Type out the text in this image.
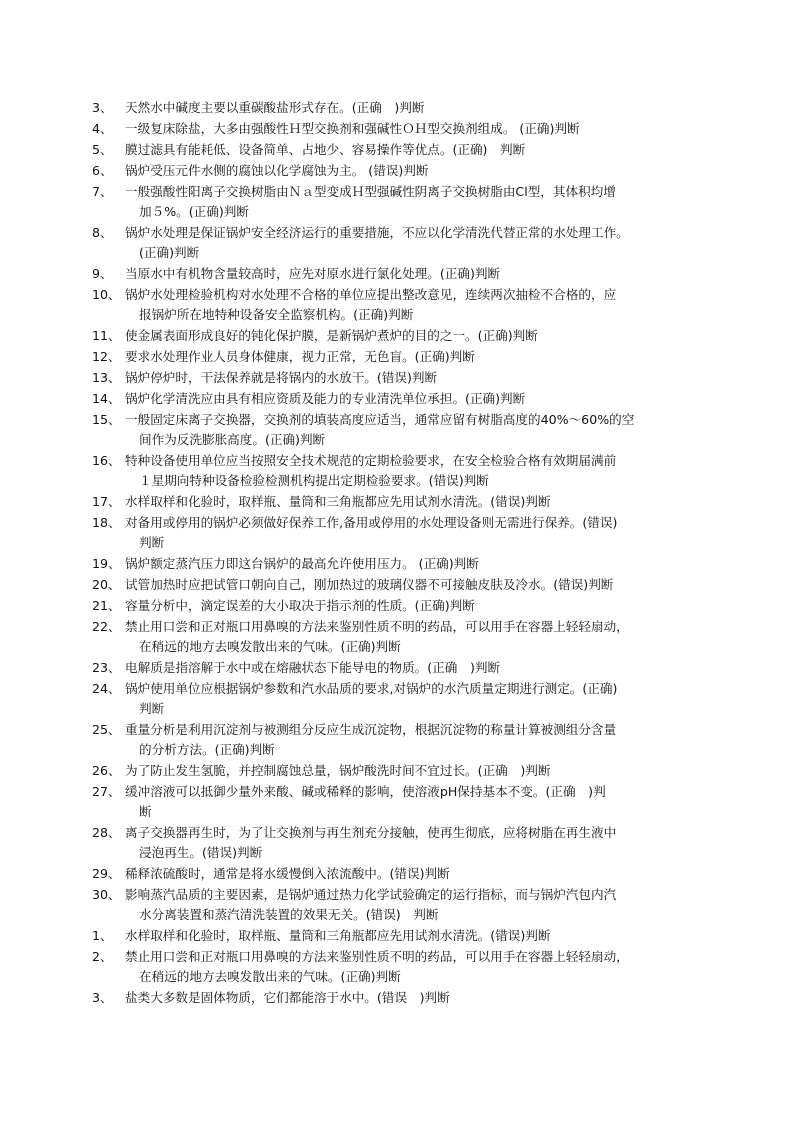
3、 天然水中碱度主要以重碳酸盐形式存在。(正确　)判断
4、 一级复床除盐，大多由强酸性Ｈ型交换剂和强碱性ＯＨ型交换剂组成。 (正确)判断
5、 膜过滤具有能耗低、设备简单、占地少、容易操作等优点。(正确)　判断
6、 锅炉受压元件水侧的腐蚀以化学腐蚀为主。 (错误)判断
7、 一般强酸性阳离子交换树脂由Ｎａ型变成Ｈ型强碱性阴离子交换树脂由Cl型，其体积均增
加５%。(正确)判断
8、 锅炉水处理是保证锅炉安全经济运行的重要措施，不应以化学清洗代替正常的水处理工作。
(正确)判断
9、 当原水中有机物含量较高时，应先对原水进行氯化处理。(正确)判断
10、 锅炉水处理检验机构对水处理不合格的单位应提出整改意见，连续两次抽检不合格的，应
报锅炉所在地特种设备安全监察机构。(正确)判断
11、 使金属表面形成良好的钝化保护膜，是新锅炉煮炉的目的之一。(正确)判断
12、 要求水处理作业人员身体健康，视力正常，无色盲。(正确)判断
13、 锅炉停炉时，干法保养就是将锅内的水放干。(错误)判断
14、 锅炉化学清洗应由具有相应资质及能力的专业清洗单位承担。(正确)判断
15、 一般固定床离子交换器，交换剂的填装高度应适当，通常应留有树脂高度的40%～60%的空
间作为反洗膨胀高度。(正确)判断
16、 特种设备使用单位应当按照安全技术规范的定期检验要求，在安全检验合格有效期届满前
１星期向特种设备检验检测机构提出定期检验要求。(错误)判断
17、 水样取样和化验时，取样瓶、量筒和三角瓶都应先用试剂水清洗。(错误)判断
18、 对备用或停用的锅炉必须做好保养工作,备用或停用的水处理设备则无需进行保养。(错误)
判断
19、 锅炉额定蒸汽压力即这台锅炉的最高允许使用压力。 (正确)判断
20、 试管加热时应把试管口朝向自己，刚加热过的玻璃仪器不可接触皮肤及冷水。(错误)判断
21、 容量分析中，滴定误差的大小取决于指示剂的性质。(正确)判断
22、 禁止用口尝和正对瓶口用鼻嗅的方法来鉴别性质不明的药品，可以用手在容器上轻轻扇动，
在稍远的地方去嗅发散出来的气味。(正确)判断
23、 电解质是指溶解于水中或在熔融状态下能导电的物质。(正确　)判断
24、 锅炉使用单位应根据锅炉参数和汽水品质的要求,对锅炉的水汽质量定期进行测定。(正确)
判断
25、 重量分析是利用沉淀剂与被测组分反应生成沉淀物，根据沉淀物的称量计算被测组分含量
的分析方法。(正确)判断
26、 为了防止发生氢脆，并控制腐蚀总量，锅炉酸洗时间不宜过长。(正确　)判断
27、 缓冲溶液可以抵御少量外来酸、碱或稀释的影响，使溶液pH保持基本不变。(正确　)判
断
28、 离子交换器再生时，为了让交换剂与再生剂充分接触，使再生彻底，应将树脂在再生液中
浸泡再生。(错误)判断
29、 稀释浓硫酸时，通常是将水缓慢倒入浓流酸中。(错误)判断
30、 影响蒸汽品质的主要因素，是锅炉通过热力化学试验确定的运行指标，而与锅炉汽包内汽
水分离装置和蒸汽清洗装置的效果无关。(错误)　判断
1、 水样取样和化验时，取样瓶、量筒和三角瓶都应先用试剂水清洗。(错误)判断
2、 禁止用口尝和正对瓶口用鼻嗅的方法来鉴别性质不明的药品，可以用手在容器上轻轻扇动，
在稍远的地方去嗅发散出来的气味。(正确)判断
3、 盐类大多数是固体物质，它们都能溶于水中。(错误　)判断
